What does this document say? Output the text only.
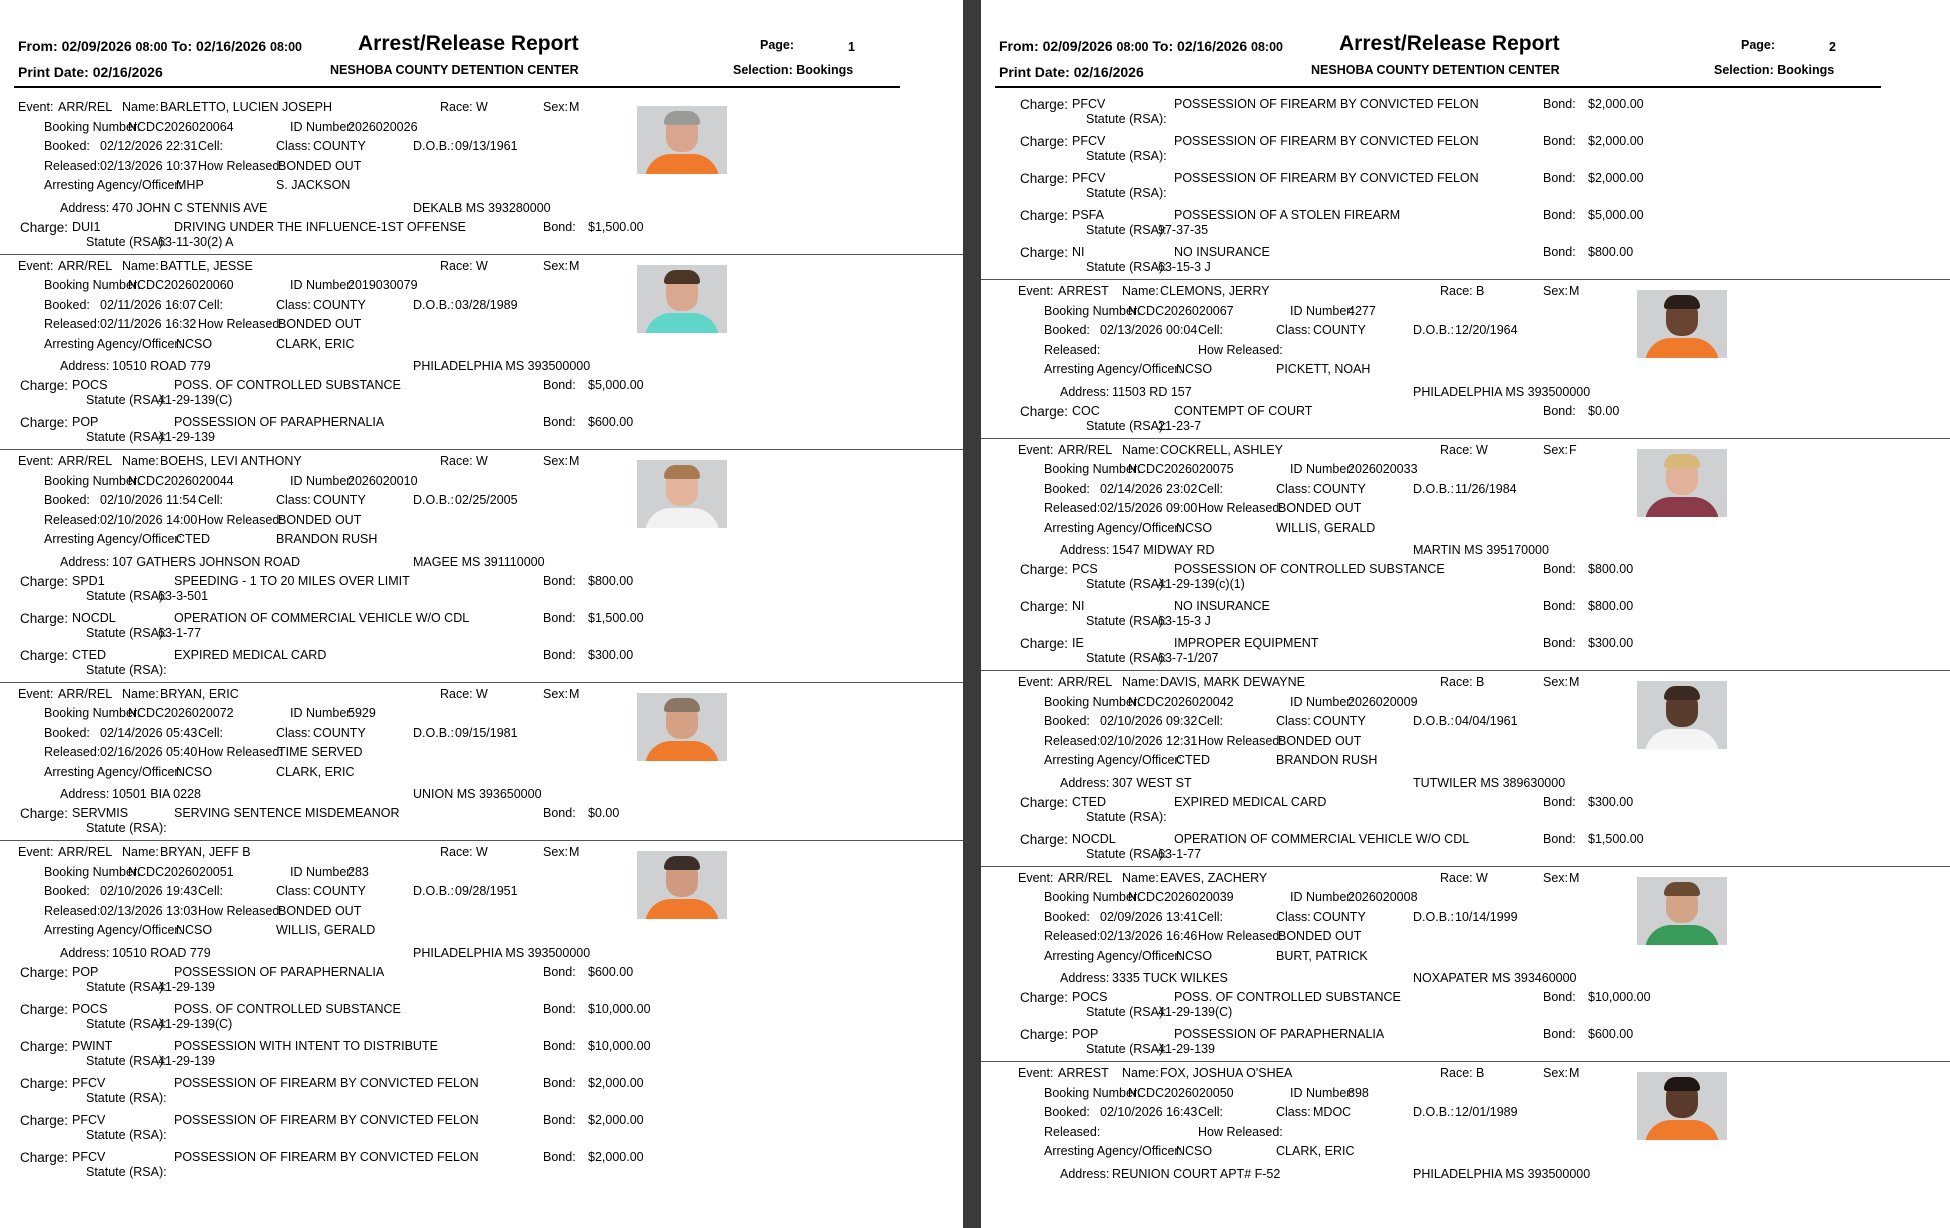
From: 02/09/2026 08:00 To: 02/16/2026 08:00	Arrest/Release Report	Page:	1
Print Date: 02/16/2026	NESHOBA COUNTY DETENTION CENTER	Selection: Bookings
Event: ARR/REL Name: BARLETTO, LUCIEN JOSEPH	Race: W	Sex: M
Booking Number:
NCDC2026020064	ID Number:
2026020026
Booked: 02/12/2026 22:31 Cell:	Class: COUNTY	D.O.B.: 09/13/1961
Released: 02/13/2026 10:37 How Released:
BONDED OUT
Arresting Agency/Officer:
MHP	S. JACKSON
Address: 470 JOHN C STENNIS AVE	DEKALB MS 393280000
Charge: DUI1	DRIVING UNDER THE INFLUENCE-1ST OFFENSE	Bond: $1,500.00
Statute (RSA):
63-11-30(2) A
Event: ARR/REL Name: BATTLE, JESSE	Race: W	Sex: M
Booking Number:
NCDC2026020060	ID Number:
2019030079
Booked: 02/11/2026 16:07 Cell:	Class: COUNTY	D.O.B.: 03/28/1989
Released: 02/11/2026 16:32 How Released:
BONDED OUT
Arresting Agency/Officer:
NCSO	CLARK, ERIC
Address: 10510 ROAD 779	PHILADELPHIA MS 393500000
Charge: POCS	POSS. OF CONTROLLED SUBSTANCE	Bond: $5,000.00
Statute (RSA):
41-29-139(C)
Charge: POP	POSSESSION OF PARAPHERNALIA	Bond: $600.00
Statute (RSA):
41-29-139
Event: ARR/REL Name: BOEHS, LEVI ANTHONY	Race: W	Sex: M
Booking Number:
NCDC2026020044	ID Number:
2026020010
Booked: 02/10/2026 11:54 Cell:	Class: COUNTY	D.O.B.: 02/25/2005
Released: 02/10/2026 14:00 How Released:
BONDED OUT
Arresting Agency/Officer:
CTED	BRANDON RUSH
Address: 107 GATHERS JOHNSON ROAD	MAGEE MS 391110000
Charge: SPD1	SPEEDING - 1 TO 20 MILES OVER LIMIT	Bond: $800.00
Statute (RSA):
63-3-501
Charge: NOCDL	OPERATION OF COMMERCIAL VEHICLE W/O CDL	Bond: $1,500.00
Statute (RSA):
63-1-77
Charge: CTED	EXPIRED MEDICAL CARD	Bond: $300.00
Statute (RSA):
Event: ARR/REL Name: BRYAN, ERIC	Race: W	Sex: M
Booking Number:
NCDC2026020072	ID Number:
5929
Booked: 02/14/2026 05:43 Cell:	Class: COUNTY	D.O.B.: 09/15/1981
Released: 02/16/2026 05:40 How Released:
TIME SERVED
Arresting Agency/Officer:
NCSO	CLARK, ERIC
Address: 10501 BIA 0228	UNION MS 393650000
Charge: SERVMIS	SERVING SENTENCE MISDEMEANOR	Bond: $0.00
Statute (RSA):
Event: ARR/REL Name: BRYAN, JEFF B	Race: W	Sex: M
Booking Number:
NCDC2026020051	ID Number:
283
Booked: 02/10/2026 19:43 Cell:	Class: COUNTY	D.O.B.: 09/28/1951
Released: 02/13/2026 13:03 How Released:
BONDED OUT
Arresting Agency/Officer:
NCSO	WILLIS, GERALD
Address: 10510 ROAD 779	PHILADELPHIA MS 393500000
Charge: POP	POSSESSION OF PARAPHERNALIA	Bond: $600.00
Statute (RSA):
41-29-139
Charge: POCS	POSS. OF CONTROLLED SUBSTANCE	Bond: $10,000.00
Statute (RSA):
41-29-139(C)
Charge: PWINT	POSSESSION WITH INTENT TO DISTRIBUTE	Bond: $10,000.00
Statute (RSA):
41-29-139
Charge: PFCV	POSSESSION OF FIREARM BY CONVICTED FELON	Bond: $2,000.00
Statute (RSA):
Charge: PFCV	POSSESSION OF FIREARM BY CONVICTED FELON	Bond: $2,000.00
Statute (RSA):
Charge: PFCV	POSSESSION OF FIREARM BY CONVICTED FELON	Bond: $2,000.00
Statute (RSA):
From: 02/09/2026 08:00 To: 02/16/2026 08:00	Arrest/Release Report	Page:	2
Print Date: 02/16/2026	NESHOBA COUNTY DETENTION CENTER	Selection: Bookings
Charge: PFCV	POSSESSION OF FIREARM BY CONVICTED FELON	Bond: $2,000.00
Statute (RSA):
Charge: PFCV	POSSESSION OF FIREARM BY CONVICTED FELON	Bond: $2,000.00
Statute (RSA):
Charge: PFCV	POSSESSION OF FIREARM BY CONVICTED FELON	Bond: $2,000.00
Statute (RSA):
Charge: PSFA	POSSESSION OF A STOLEN FIREARM	Bond: $5,000.00
Statute (RSA):
97-37-35
Charge: NI	NO INSURANCE	Bond: $800.00
Statute (RSA):
63-15-3 J
Event: ARREST Name: CLEMONS, JERRY	Race: B	Sex: M
Booking Number:
NCDC2026020067	ID Number:
4277
Booked: 02/13/2026 00:04 Cell:	Class: COUNTY	D.O.B.: 12/20/1964
Released:	How Released:
Arresting Agency/Officer:
NCSO	PICKETT, NOAH
Address: 11503 RD 157	PHILADELPHIA MS 393500000
Charge: COC	CONTEMPT OF COURT	Bond: $0.00
Statute (RSA):
21-23-7
Event: ARR/REL Name: COCKRELL, ASHLEY	Race: W	Sex: F
Booking Number:
NCDC2026020075	ID Number:
2026020033
Booked: 02/14/2026 23:02 Cell:	Class: COUNTY	D.O.B.: 11/26/1984
Released: 02/15/2026 09:00 How Released:
BONDED OUT
Arresting Agency/Officer:
NCSO	WILLIS, GERALD
Address: 1547 MIDWAY RD	MARTIN MS 395170000
Charge: PCS	POSSESSION OF CONTROLLED SUBSTANCE	Bond: $800.00
Statute (RSA):
41-29-139(c)(1)
Charge: NI	NO INSURANCE	Bond: $800.00
Statute (RSA):
63-15-3 J
Charge: IE	IMPROPER EQUIPMENT	Bond: $300.00
Statute (RSA):
63-7-1/207
Event: ARR/REL Name: DAVIS, MARK DEWAYNE	Race: B	Sex: M
Booking Number:
NCDC2026020042	ID Number:
2026020009
Booked: 02/10/2026 09:32 Cell:	Class: COUNTY	D.O.B.: 04/04/1961
Released: 02/10/2026 12:31 How Released:
BONDED OUT
Arresting Agency/Officer:
CTED	BRANDON RUSH
Address: 307 WEST ST	TUTWILER MS 389630000
Charge: CTED	EXPIRED MEDICAL CARD	Bond: $300.00
Statute (RSA):
Charge: NOCDL	OPERATION OF COMMERCIAL VEHICLE W/O CDL	Bond: $1,500.00
Statute (RSA):
63-1-77
Event: ARR/REL Name: EAVES, ZACHERY	Race: W	Sex: M
Booking Number:
NCDC2026020039	ID Number:
2026020008
Booked: 02/09/2026 13:41 Cell:	Class: COUNTY	D.O.B.: 10/14/1999
Released: 02/13/2026 16:46 How Released:
BONDED OUT
Arresting Agency/Officer:
NCSO	BURT, PATRICK
Address: 3335 TUCK WILKES	NOXAPATER MS 393460000
Charge: POCS	POSS. OF CONTROLLED SUBSTANCE	Bond: $10,000.00
Statute (RSA):
41-29-139(C)
Charge: POP	POSSESSION OF PARAPHERNALIA	Bond: $600.00
Statute (RSA):
41-29-139
Event: ARREST Name: FOX, JOSHUA O'SHEA	Race: B	Sex: M
Booking Number:
NCDC2026020050	ID Number:
898
Booked: 02/10/2026 16:43 Cell:	Class: MDOC	D.O.B.: 12/01/1989
Released:	How Released:
Arresting Agency/Officer:
NCSO	CLARK, ERIC
Address: REUNION COURT APT# F-52	PHILADELPHIA MS 393500000
